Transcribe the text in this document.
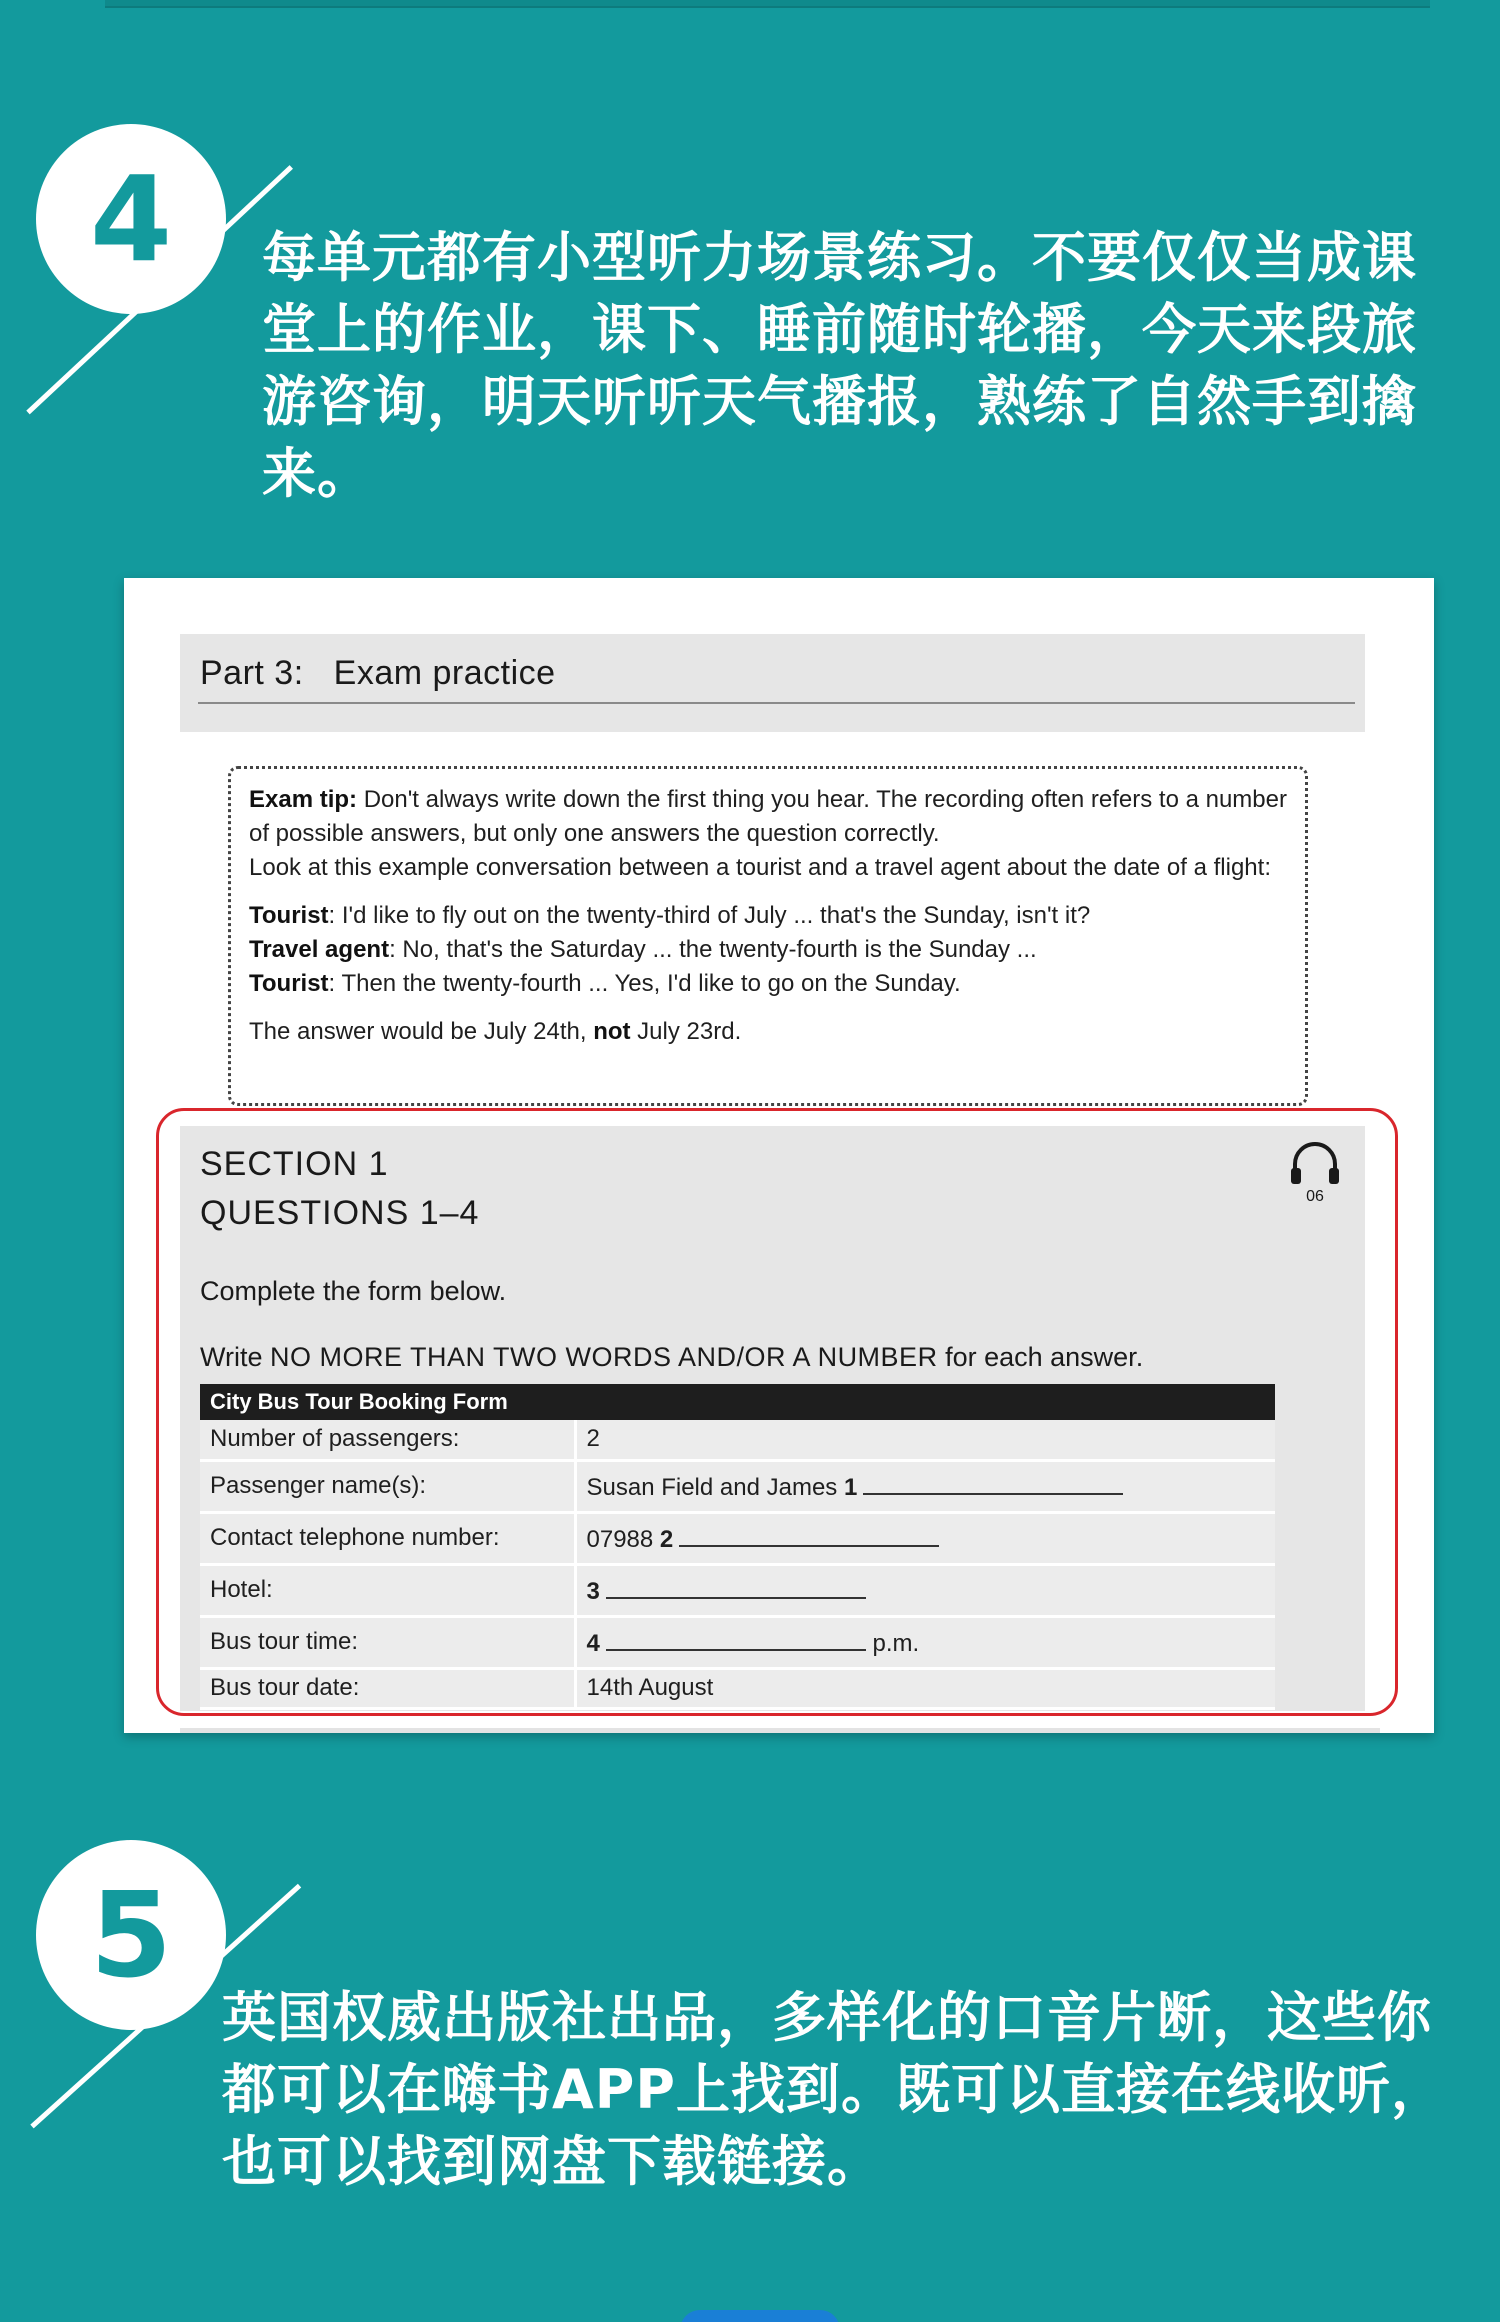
4	每单元都有小型听力场景练习。不要仅仅当成课堂上的作业，课下、睡前随时轮播，今天来段旅游咨询，明天听听天气播报，熟练了自然手到擒来。
Part 3: Exam practice

Exam tip: Don't always write down the first thing you hear. The recording often refers to a number of possible answers, but only one answers the question correctly.

Look at this example conversation between a tourist and a travel agent about the date of a flight:

Tourist: I'd like to fly out on the twenty-third of July ... that's the Sunday, isn't it?

Travel agent: No, that's the Saturday ... the twenty-fourth is the Sunday ...

Tourist: Then the twenty-fourth ... Yes, I'd like to go on the Sunday.

The answer would be July 24th, not July 23rd.

SECTION 1
QUESTIONS 1–4	06
Complete the form below.
Write NO MORE THAN TWO WORDS AND/OR A NUMBER for each answer.
City Bus Tour Booking Form	
Number of passengers:	2
Passenger name(s):	Susan Field and James 1
Contact telephone number:	07988 2
Hotel:	3
Bus tour time:	4 p.m.
Bus tour date:	14th August
5
英国权威出版社出品，多样化的口音片断，这些你都可以在嗨书APP上找到。既可以直接在线收听，也可以找到网盘下载链接。
